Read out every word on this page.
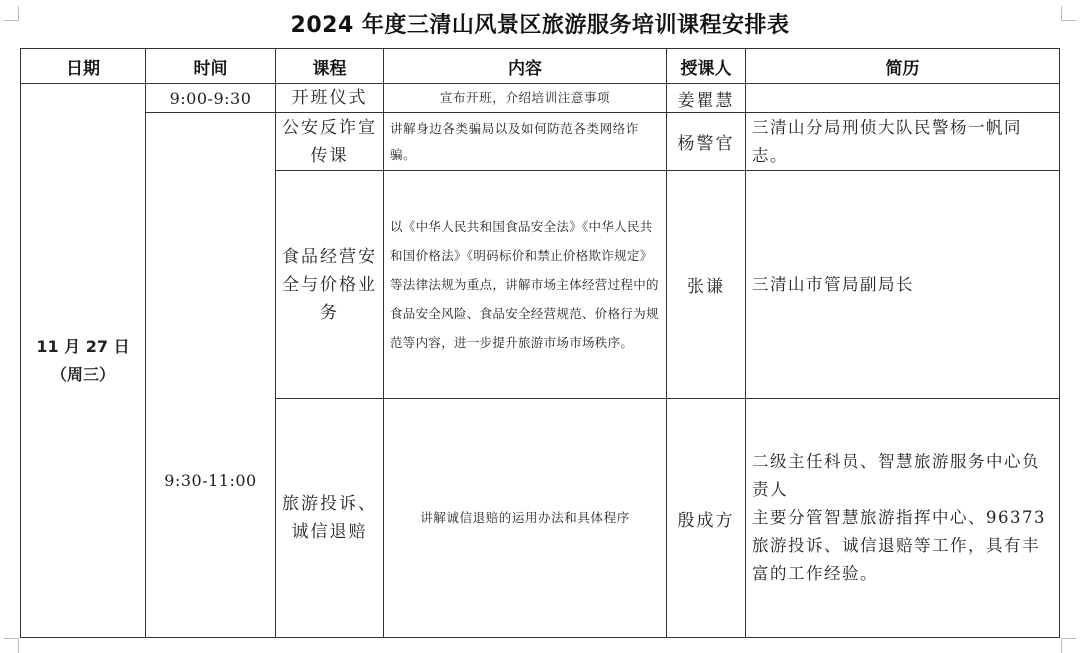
2024 年度三清山风景区旅游服务培训课程安排表
日期	时间	课程	内容	授课人	简历

11 月 27 日
（周三）	9:00-9:30	开班仪式	宣布开班，介绍培训注意事项	姜瞿慧	

	9:30-11:00	公安反诈宣传课	讲解身边各类骗局以及如何防范各类网络诈骗。	杨警官	三清山分局刑侦大队民警杨一帆同志。

		食品经营安全与价格业务	以《中华人民共和国食品安全法》《中华人民共和国价格法》《明码标价和禁止价格欺诈规定》等法律法规为重点，讲解市场主体经营过程中的食品安全风险、食品安全经营规范、价格行为规范等内容，进一步提升旅游市场市场秩序。	张谦	三清山市管局副局长

		旅游投诉、诚信退赔	讲解诚信退赔的运用办法和具体程序	殷成方	二级主任科员、智慧旅游服务中心负责人
主要分管智慧旅游指挥中心、96373 旅游投诉、诚信退赔等工作，具有丰富的工作经验。
